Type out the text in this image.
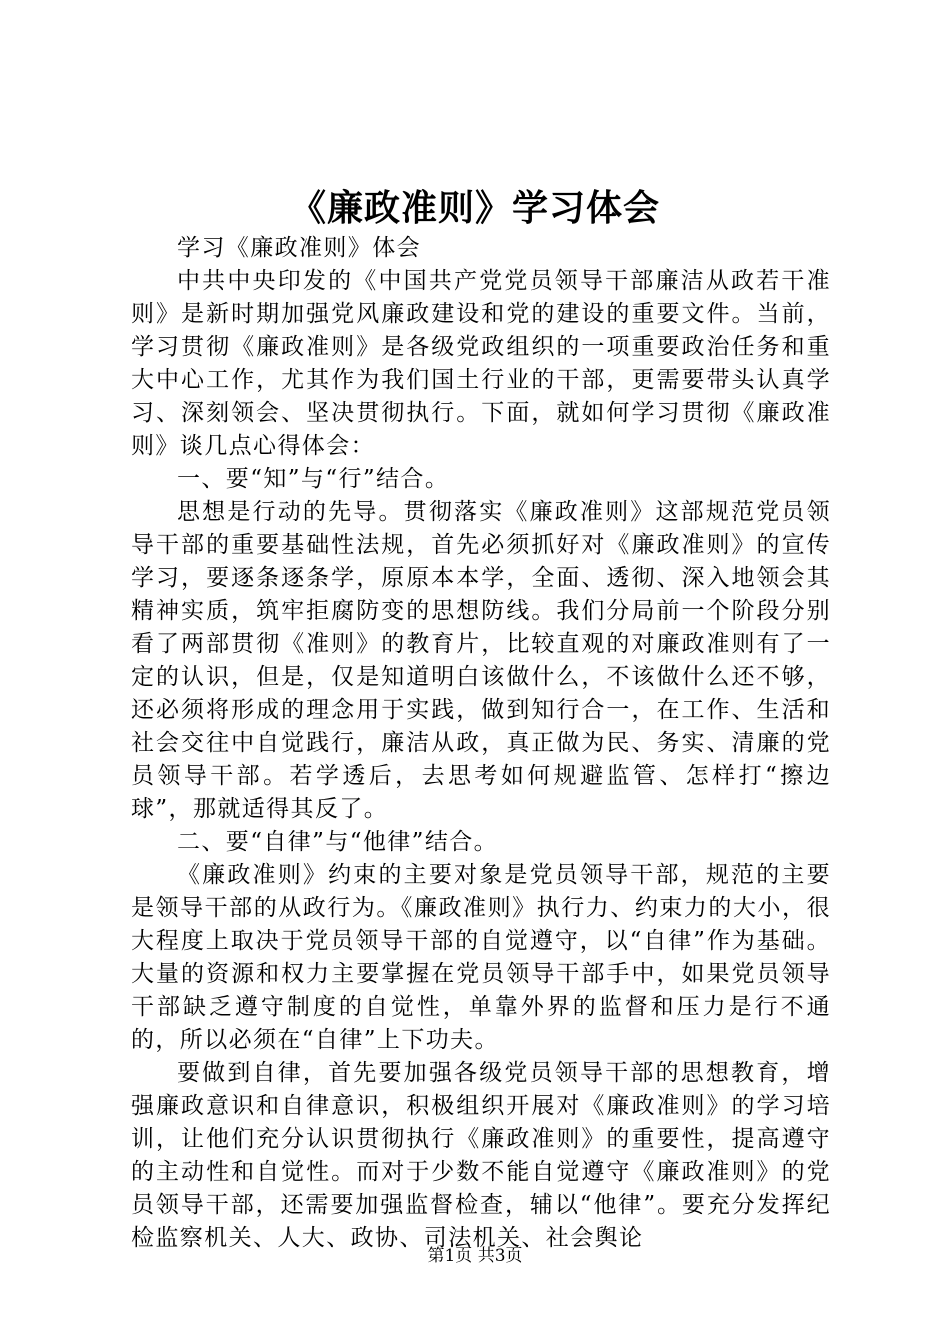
《廉政准则》学习体会

学习《廉政准则》体会

中共中央印发的《中国共产党党员领导干部廉洁从政若干准则》是新时期加强党风廉政建设和党的建设的重要文件。当前，学习贯彻《廉政准则》是各级党政组织的一项重要政治任务和重大中心工作，尤其作为我们国土行业的干部，更需要带头认真学习、深刻领会、坚决贯彻执行。下面，就如何学习贯彻《廉政准则》谈几点心得体会：

一、要“知”与“行”结合。

思想是行动的先导。贯彻落实《廉政准则》这部规范党员领导干部的重要基础性法规，首先必须抓好对《廉政准则》的宣传学习，要逐条逐条学，原原本本学，全面、透彻、深入地领会其精神实质，筑牢拒腐防变的思想防线。我们分局前一个阶段分别看了两部贯彻《准则》的教育片，比较直观的对廉政准则有了一定的认识，但是，仅是知道明白该做什么，不该做什么还不够，还必须将形成的理念用于实践，做到知行合一，在工作、生活和社会交往中自觉践行，廉洁从政，真正做为民、务实、清廉的党员领导干部。若学透后，去思考如何规避监管、怎样打“擦边球”，那就适得其反了。

二、要“自律”与“他律”结合。

《廉政准则》约束的主要对象是党员领导干部，规范的主要是领导干部的从政行为。《廉政准则》执行力、约束力的大小，很大程度上取决于党员领导干部的自觉遵守，以“自律”作为基础。大量的资源和权力主要掌握在党员领导干部手中，如果党员领导干部缺乏遵守制度的自觉性，单靠外界的监督和压力是行不通的，所以必须在“自律”上下功夫。

要做到自律，首先要加强各级党员领导干部的思想教育，增强廉政意识和自律意识，积极组织开展对《廉政准则》的学习培训，让他们充分认识贯彻执行《廉政准则》的重要性，提高遵守的主动性和自觉性。而对于少数不能自觉遵守《廉政准则》的党员领导干部，还需要加强监督检查，辅以“他律”。要充分发挥纪检监察机关、人大、政协、司法机关、社会舆论

第1页 共3页
